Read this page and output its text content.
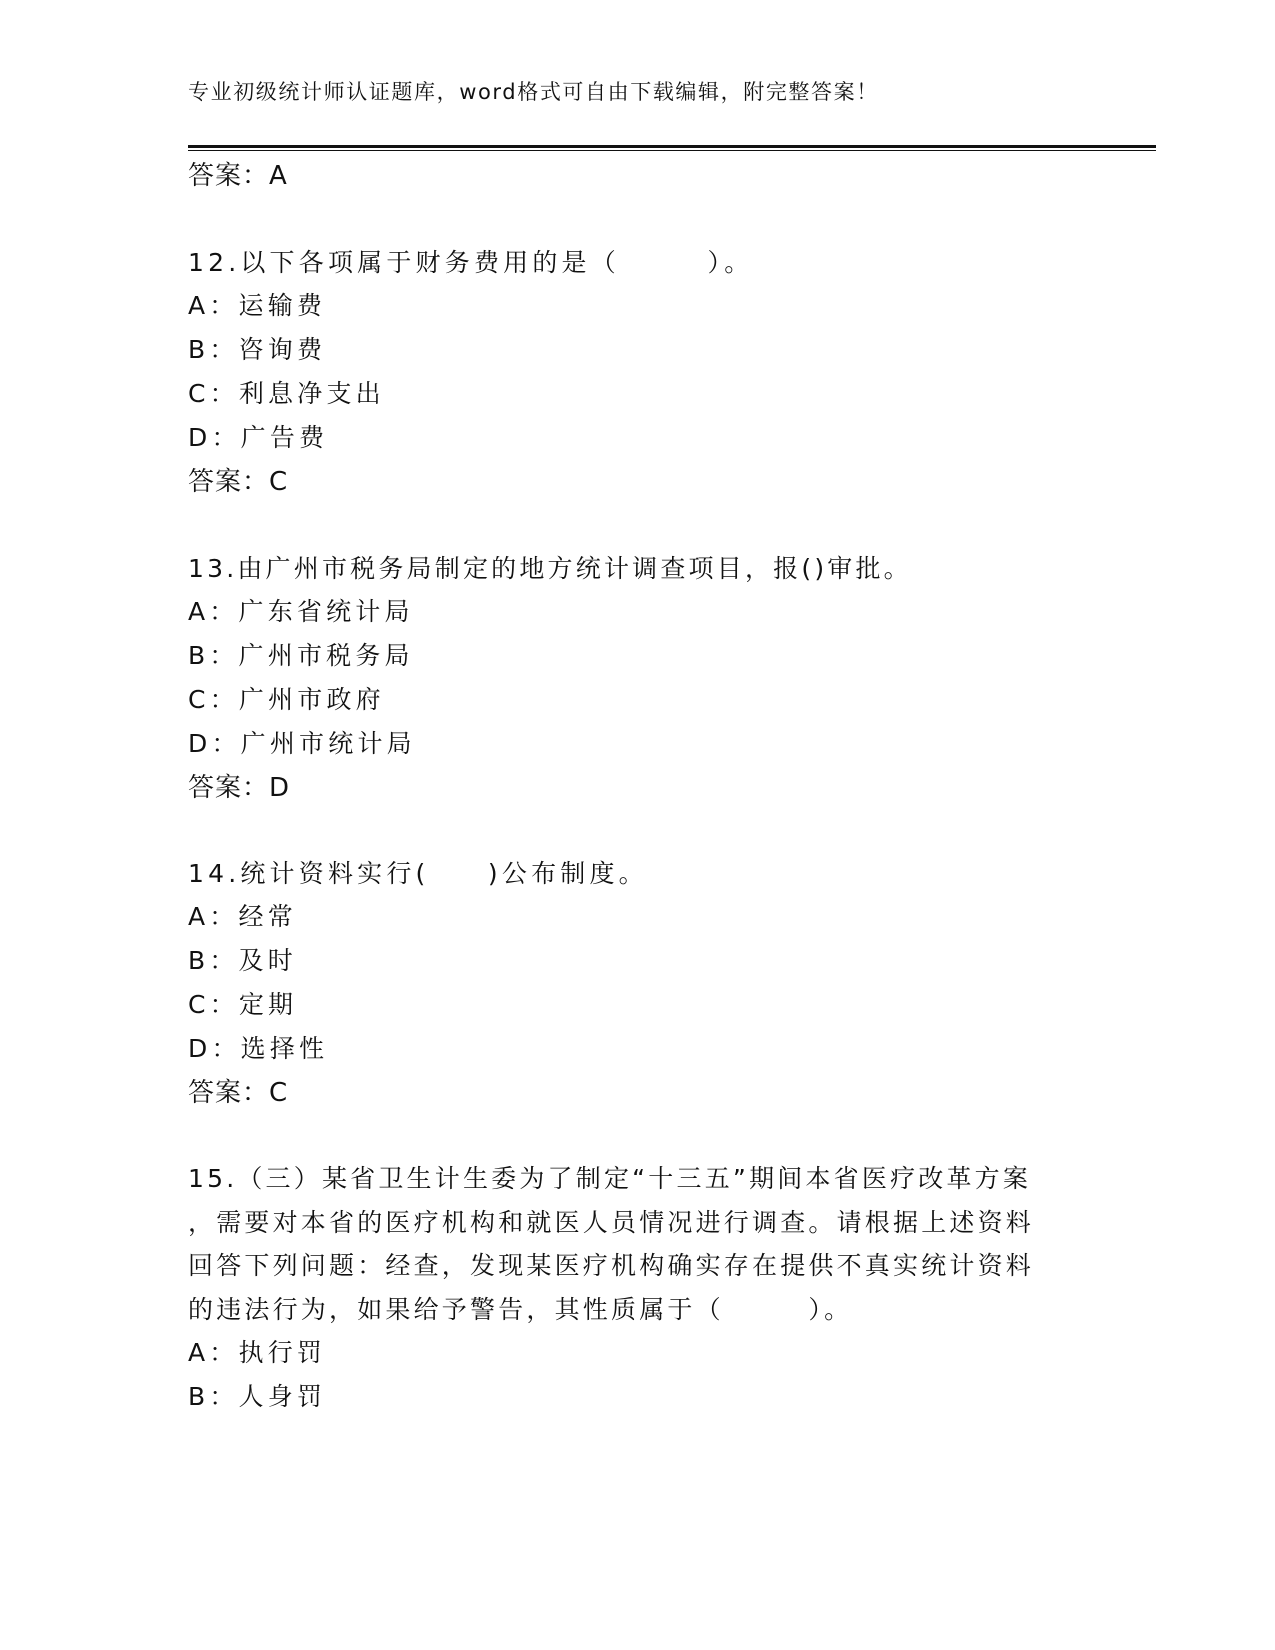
专业初级统计师认证题库，word格式可自由下载编辑，附完整答案！
答案：A
12.以下各项属于财务费用的是（　　　）。
A：运输费
B：咨询费
C：利息净支出
D：广告费
答案：C
13.由广州市税务局制定的地方统计调查项目，报()审批。
A：广东省统计局
B：广州市税务局
C：广州市政府
D：广州市统计局
答案：D
14.统计资料实行(　　)公布制度。
A：经常
B：及时
C：定期
D：选择性
答案：C
15.（三）某省卫生计生委为了制定“十三五”期间本省医疗改革方案
，需要对本省的医疗机构和就医人员情况进行调查。请根据上述资料
回答下列问题：经查，发现某医疗机构确实存在提供不真实统计资料
的违法行为，如果给予警告，其性质属于（　　　）。
A：执行罚
B：人身罚
